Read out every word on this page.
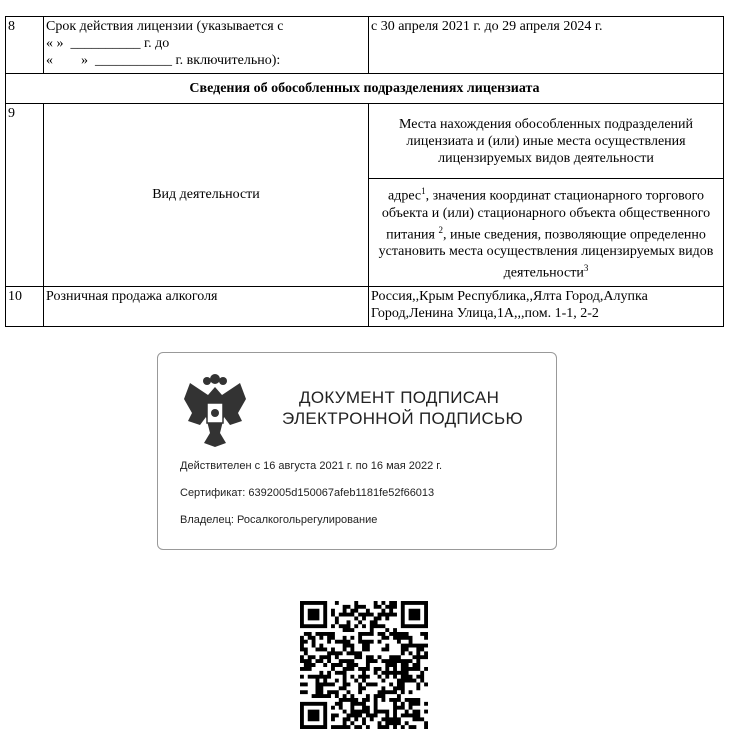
8	Срок действия лицензии (указывается с
« »  __________ г. до
«        »  ___________ г. включительно):	с 30 апреля 2021 г. до 29 апреля 2024 г.
Сведения об обособленных подразделениях лицензиата		
9	Вид деятельности	Места нахождения обособленных подразделений лицензиата и (или) иные места осуществления лицензируемых видов деятельности
		адрес$^1$, значения координат стационарного торгового объекта и (или) стационарного объекта общественного питания $^2$, иные сведения, позволяющие определенно установить места осуществления лицензируемых видов деятельности$^3$
10	Розничная продажа алкоголя	Россия,,Крым Республика,,Ялта Город,Алупка Город,Ленина Улица,1А,,,пом. 1-1, 2-2
ДОКУМЕНТ ПОДПИСАН
ЭЛЕКТРОННОЙ ПОДПИСЬЮ
Действителен с 16 августа 2021 г. по 16 мая 2022 г.
Сертификат: 6392005d150067afeb1181fe52f66013
Владелец: Росалкогольрегулирование
